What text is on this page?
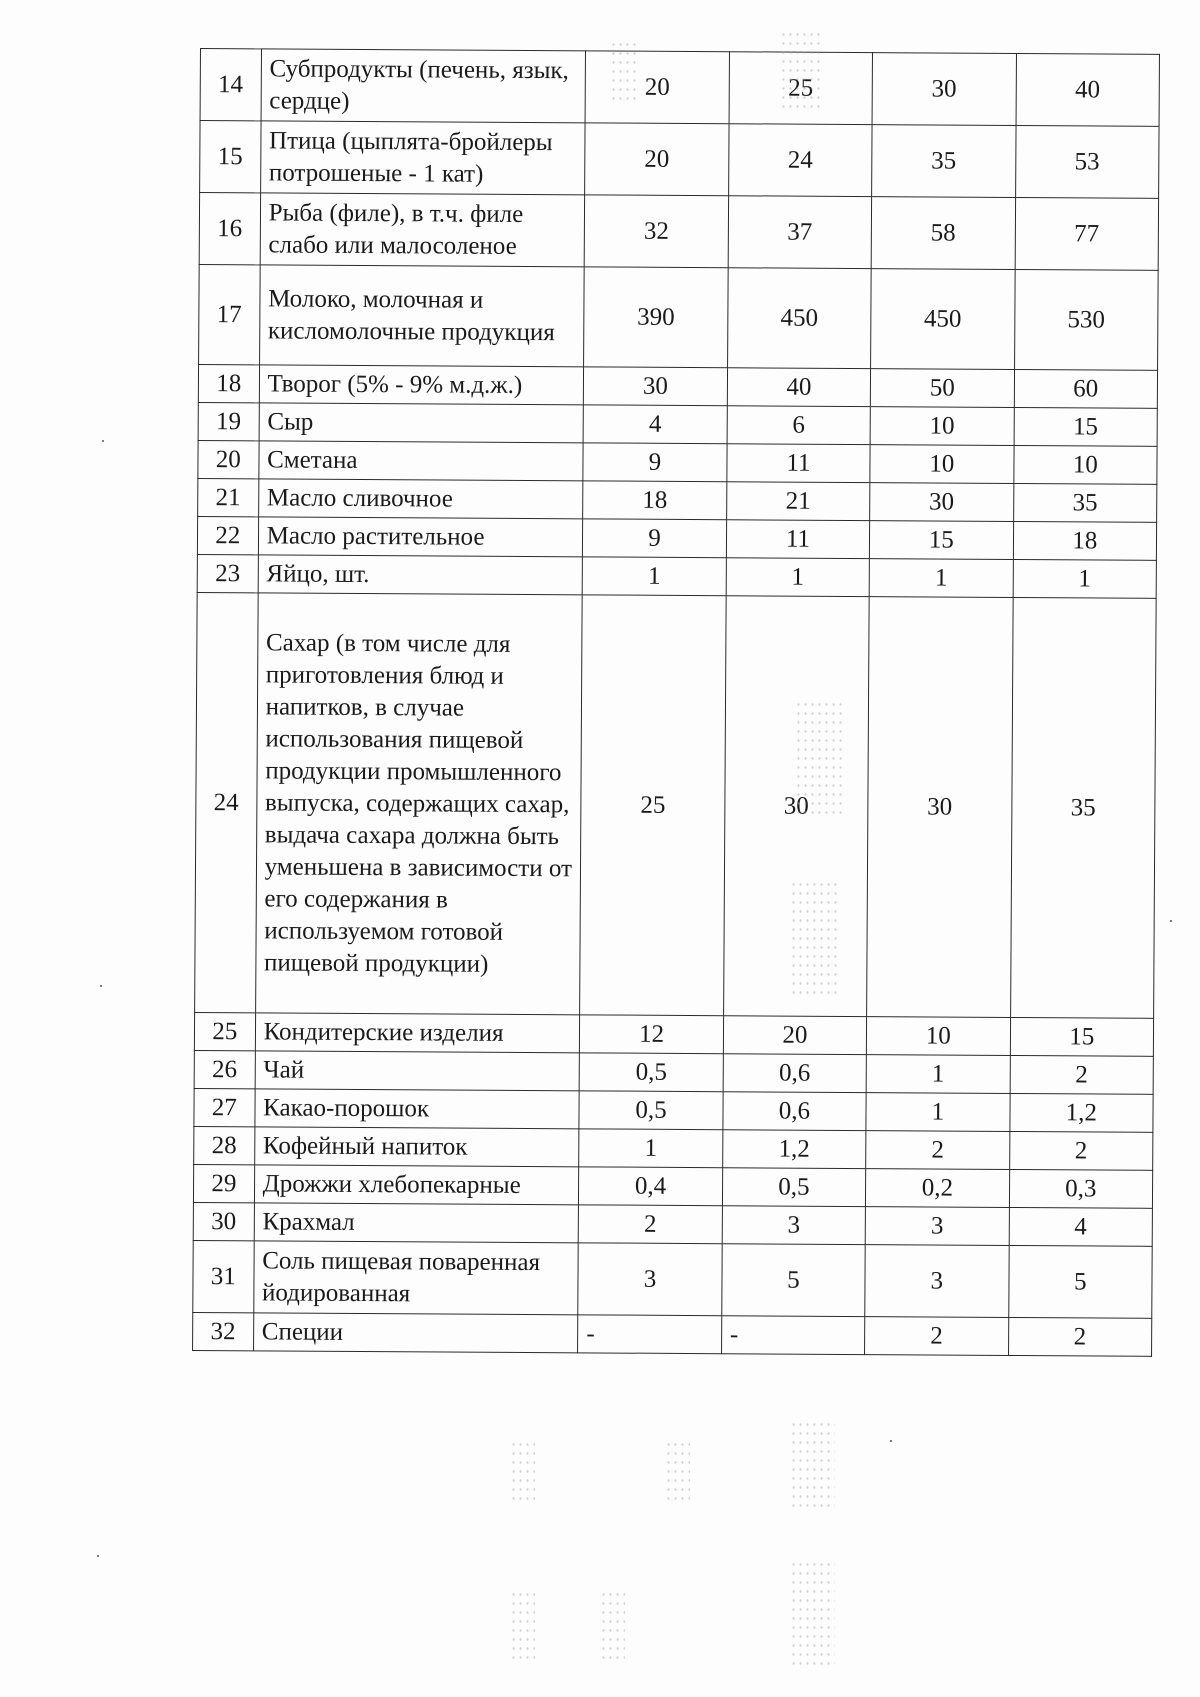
14	Субпродукты (печень, язык, сердце)	20	25	30	40
15	Птица (цыплята-бройлеры потрошеные - 1 кат)	20	24	35	53
16	Рыба (филе), в т.ч. филе слабо или малосоленое	32	37	58	77
17	Молоко, молочная и кисломолочные продукция	390	450	450	530
18	Творог (5% - 9% м.д.ж.)	30	40	50	60
19	Сыр	4	6	10	15
20	Сметана	9	11	10	10
21	Масло сливочное	18	21	30	35
22	Масло растительное	9	11	15	18
23	Яйцо, шт.	1	1	1	1
24	Сахар (в том числе для приготовления блюд и напитков, в случае использования пищевой продукции промышленного выпуска, содержащих сахар, выдача сахара должна быть уменьшена в зависимости от его содержания в используемом готовой пищевой продукции)	25	30	30	35
25	Кондитерские изделия	12	20	10	15
26	Чай	0,5	0,6	1	2
27	Какао-порошок	0,5	0,6	1	1,2
28	Кофейный напиток	1	1,2	2	2
29	Дрожжи хлебопекарные	0,4	0,5	0,2	0,3
30	Крахмал	2	3	3	4
31	Соль пищевая поваренная йодированная	3	5	3	5
32	Специи	-	-	2	2
